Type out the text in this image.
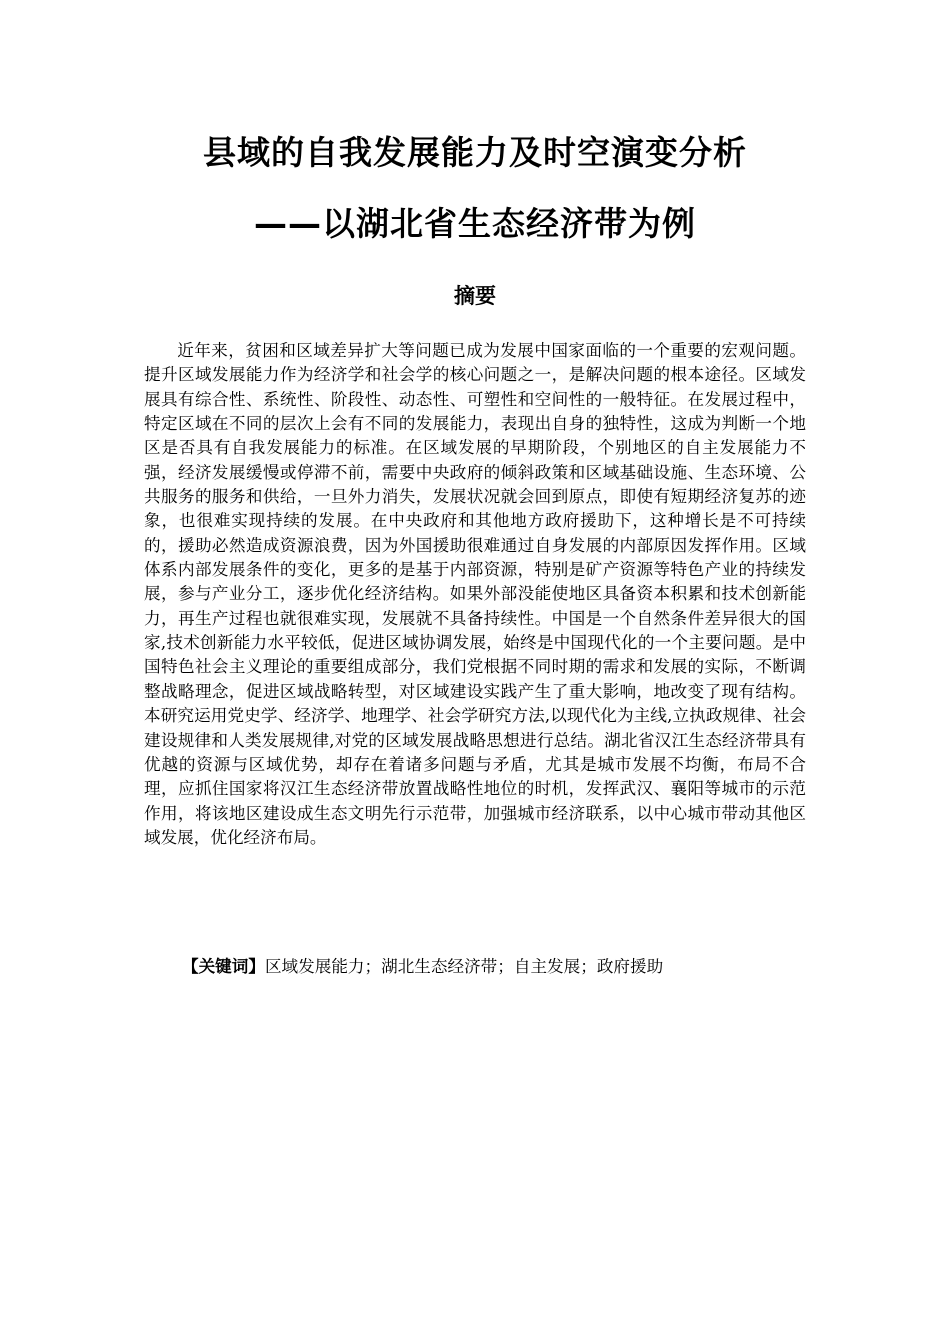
县域的自我发展能力及时空演变分析
——以湖北省生态经济带为例
摘要

近年来，贫困和区域差异扩大等问题已成为发展中国家面临的一个重要的宏观问题。提升区域发展能力作为经济学和社会学的核心问题之一，是解决问题的根本途径。区域发展具有综合性、系统性、阶段性、动态性、可塑性和空间性的一般特征。在发展过程中，特定区域在不同的层次上会有不同的发展能力，表现出自身的独特性，这成为判断一个地区是否具有自我发展能力的标准。在区域发展的早期阶段，个别地区的自主发展能力不强，经济发展缓慢或停滞不前，需要中央政府的倾斜政策和区域基础设施、生态环境、公共服务的服务和供给，一旦外力消失，发展状况就会回到原点，即使有短期经济复苏的迹象，也很难实现持续的发展。在中央政府和其他地方政府援助下，这种增长是不可持续的，援助必然造成资源浪费，因为外国援助很难通过自身发展的内部原因发挥作用。区域体系内部发展条件的变化，更多的是基于内部资源，特别是矿产资源等特色产业的持续发展，参与产业分工，逐步优化经济结构。如果外部没能使地区具备资本积累和技术创新能力，再生产过程也就很难实现，发展就不具备持续性。中国是一个自然条件差异很大的国家,技术创新能力水平较低，促进区域协调发展，始终是中国现代化的一个主要问题。是中国特色社会主义理论的重要组成部分，我们党根据不同时期的需求和发展的实际，不断调整战略理念，促进区域战略转型，对区域建设实践产生了重大影响，地改变了现有结构。本研究运用党史学、经济学、地理学、社会学研究方法,以现代化为主线,立执政规律、社会建设规律和人类发展规律,对党的区域发展战略思想进行总结。湖北省汉江生态经济带具有优越的资源与区域优势，却存在着诸多问题与矛盾，尤其是城市发展不均衡，布局不合理，应抓住国家将汉江生态经济带放置战略性地位的时机，发挥武汉、襄阳等城市的示范作用，将该地区建设成生态文明先行示范带，加强城市经济联系，以中心城市带动其他区域发展，优化经济布局。

【关键词】区域发展能力；湖北生态经济带；自主发展；政府援助
